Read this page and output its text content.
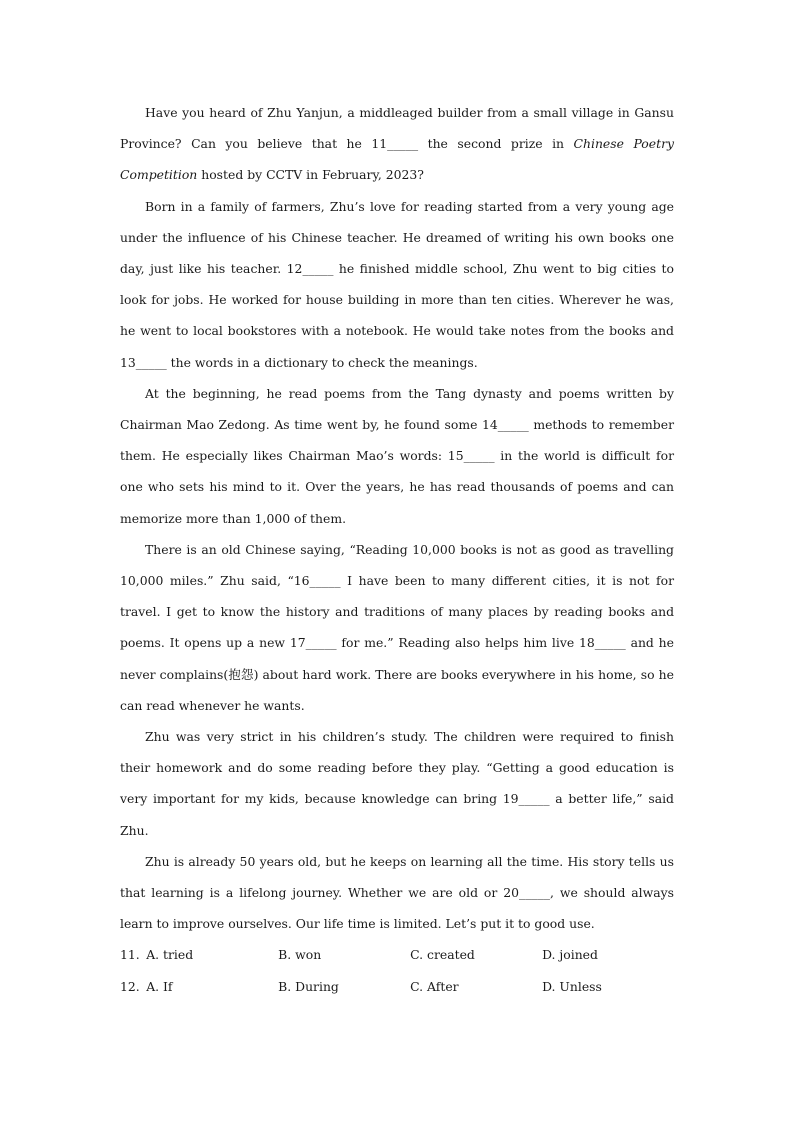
Have you heard of Zhu Yanjun, a middleaged builder from a small village in Gansu Province? Can you believe that he 11_____ the second prize in Chinese Poetry Competition hosted by CCTV in February, 2023?

Born in a family of farmers, Zhu’s love for reading started from a very young age under the influence of his Chinese teacher. He dreamed of writing his own books one day, just like his teacher. 12_____ he finished middle school, Zhu went to big cities to look for jobs. He worked for house building in more than ten cities. Wherever he was, he went to local bookstores with a notebook. He would take notes from the books and 13_____ the words in a dictionary to check the meanings.

At the beginning, he read poems from the Tang dynasty and poems written by Chairman Mao Zedong. As time went by, he found some 14_____ methods to remember them. He especially likes Chairman Mao’s words: 15_____ in the world is difficult for one who sets his mind to it. Over the years, he has read thousands of poems and can memorize more than 1,000 of them.

There is an old Chinese saying, “Reading 10,000 books is not as good as travelling 10,000 miles.” Zhu said, “16_____ I have been to many different cities, it is not for travel. I get to know the history and traditions of many places by reading books and poems. It opens up a new 17_____ for me.” Reading also helps him live 18_____ and he never complains(抱怨) about hard work. There are books everywhere in his home, so he can read whenever he wants.

Zhu was very strict in his children’s study. The children were required to finish their homework and do some reading before they play. “Getting a good education is very important for my kids, because knowledge can bring 19_____ a better life,” said Zhu.

Zhu is already 50 years old, but he keeps on learning all the time. His story tells us that learning is a lifelong journey. Whether we are old or 20_____, we should always learn to improve ourselves. Our life time is limited. Let’s put it to good use.

11. A. tried	B. won	C. created	D. joined
12. A. If	B. During	C. After	D. Unless
